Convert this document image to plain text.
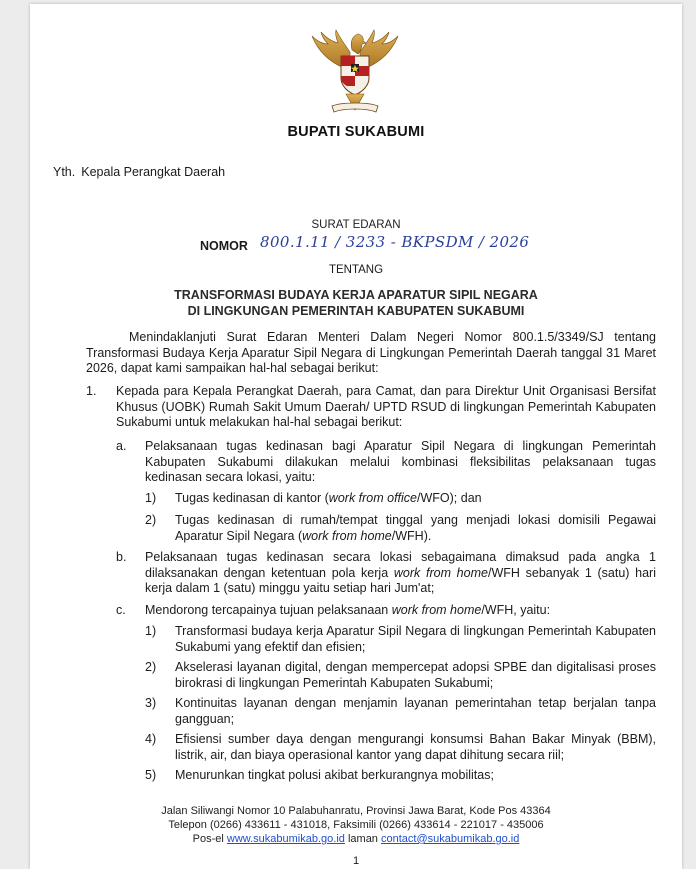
BUPATI SUKABUMI
Yth. Kepala Perangkat Daerah
SURAT EDARAN
NOMOR 800.1.11 / 3233 - BKPSDM / 2026
TENTANG
TRANSFORMASI BUDAYA KERJA APARATUR SIPIL NEGARA
DI LINGKUNGAN PEMERINTAH KABUPATEN SUKABUMI
Menindaklanjuti Surat Edaran Menteri Dalam Negeri Nomor 800.1.5/3349/SJ tentang Transformasi Budaya Kerja Aparatur Sipil Negara di Lingkungan Pemerintah Daerah tanggal 31 Maret 2026, dapat kami sampaikan hal-hal sebagai berikut:
1. Kepada para Kepala Perangkat Daerah, para Camat, dan para Direktur Unit Organisasi Bersifat Khusus (UOBK) Rumah Sakit Umum Daerah/ UPTD RSUD di lingkungan Pemerintah Kabupaten Sukabumi untuk melakukan hal-hal sebagai berikut:
a. Pelaksanaan tugas kedinasan bagi Aparatur Sipil Negara di lingkungan Pemerintah Kabupaten Sukabumi dilakukan melalui kombinasi fleksibilitas pelaksanaan tugas kedinasan secara lokasi, yaitu:
1) Tugas kedinasan di kantor (work from office/WFO); dan
2) Tugas kedinasan di rumah/tempat tinggal yang menjadi lokasi domisili Pegawai Aparatur Sipil Negara (work from home/WFH).
b. Pelaksanaan tugas kedinasan secara lokasi sebagaimana dimaksud pada angka 1 dilaksanakan dengan ketentuan pola kerja work from home/WFH sebanyak 1 (satu) hari kerja dalam 1 (satu) minggu yaitu setiap hari Jum'at;
c. Mendorong tercapainya tujuan pelaksanaan work from home/WFH, yaitu:
1) Transformasi budaya kerja Aparatur Sipil Negara di lingkungan Pemerintah Kabupaten Sukabumi yang efektif dan efisien;
2) Akselerasi layanan digital, dengan mempercepat adopsi SPBE dan digitalisasi proses birokrasi di lingkungan Pemerintah Kabupaten Sukabumi;
3) Kontinuitas layanan dengan menjamin layanan pemerintahan tetap berjalan tanpa gangguan;
4) Efisiensi sumber daya dengan mengurangi konsumsi Bahan Bakar Minyak (BBM), listrik, air, dan biaya operasional kantor yang dapat dihitung secara riil;
5) Menurunkan tingkat polusi akibat berkurangnya mobilitas;
Jalan Siliwangi Nomor 10 Palabuhanratu, Provinsi Jawa Barat, Kode Pos 43364
Telepon (0266) 433611 - 431018, Faksimili (0266) 433614 - 221017 - 435006
Pos-el www.sukabumikab.go.id laman contact@sukabumikab.go.id
1
